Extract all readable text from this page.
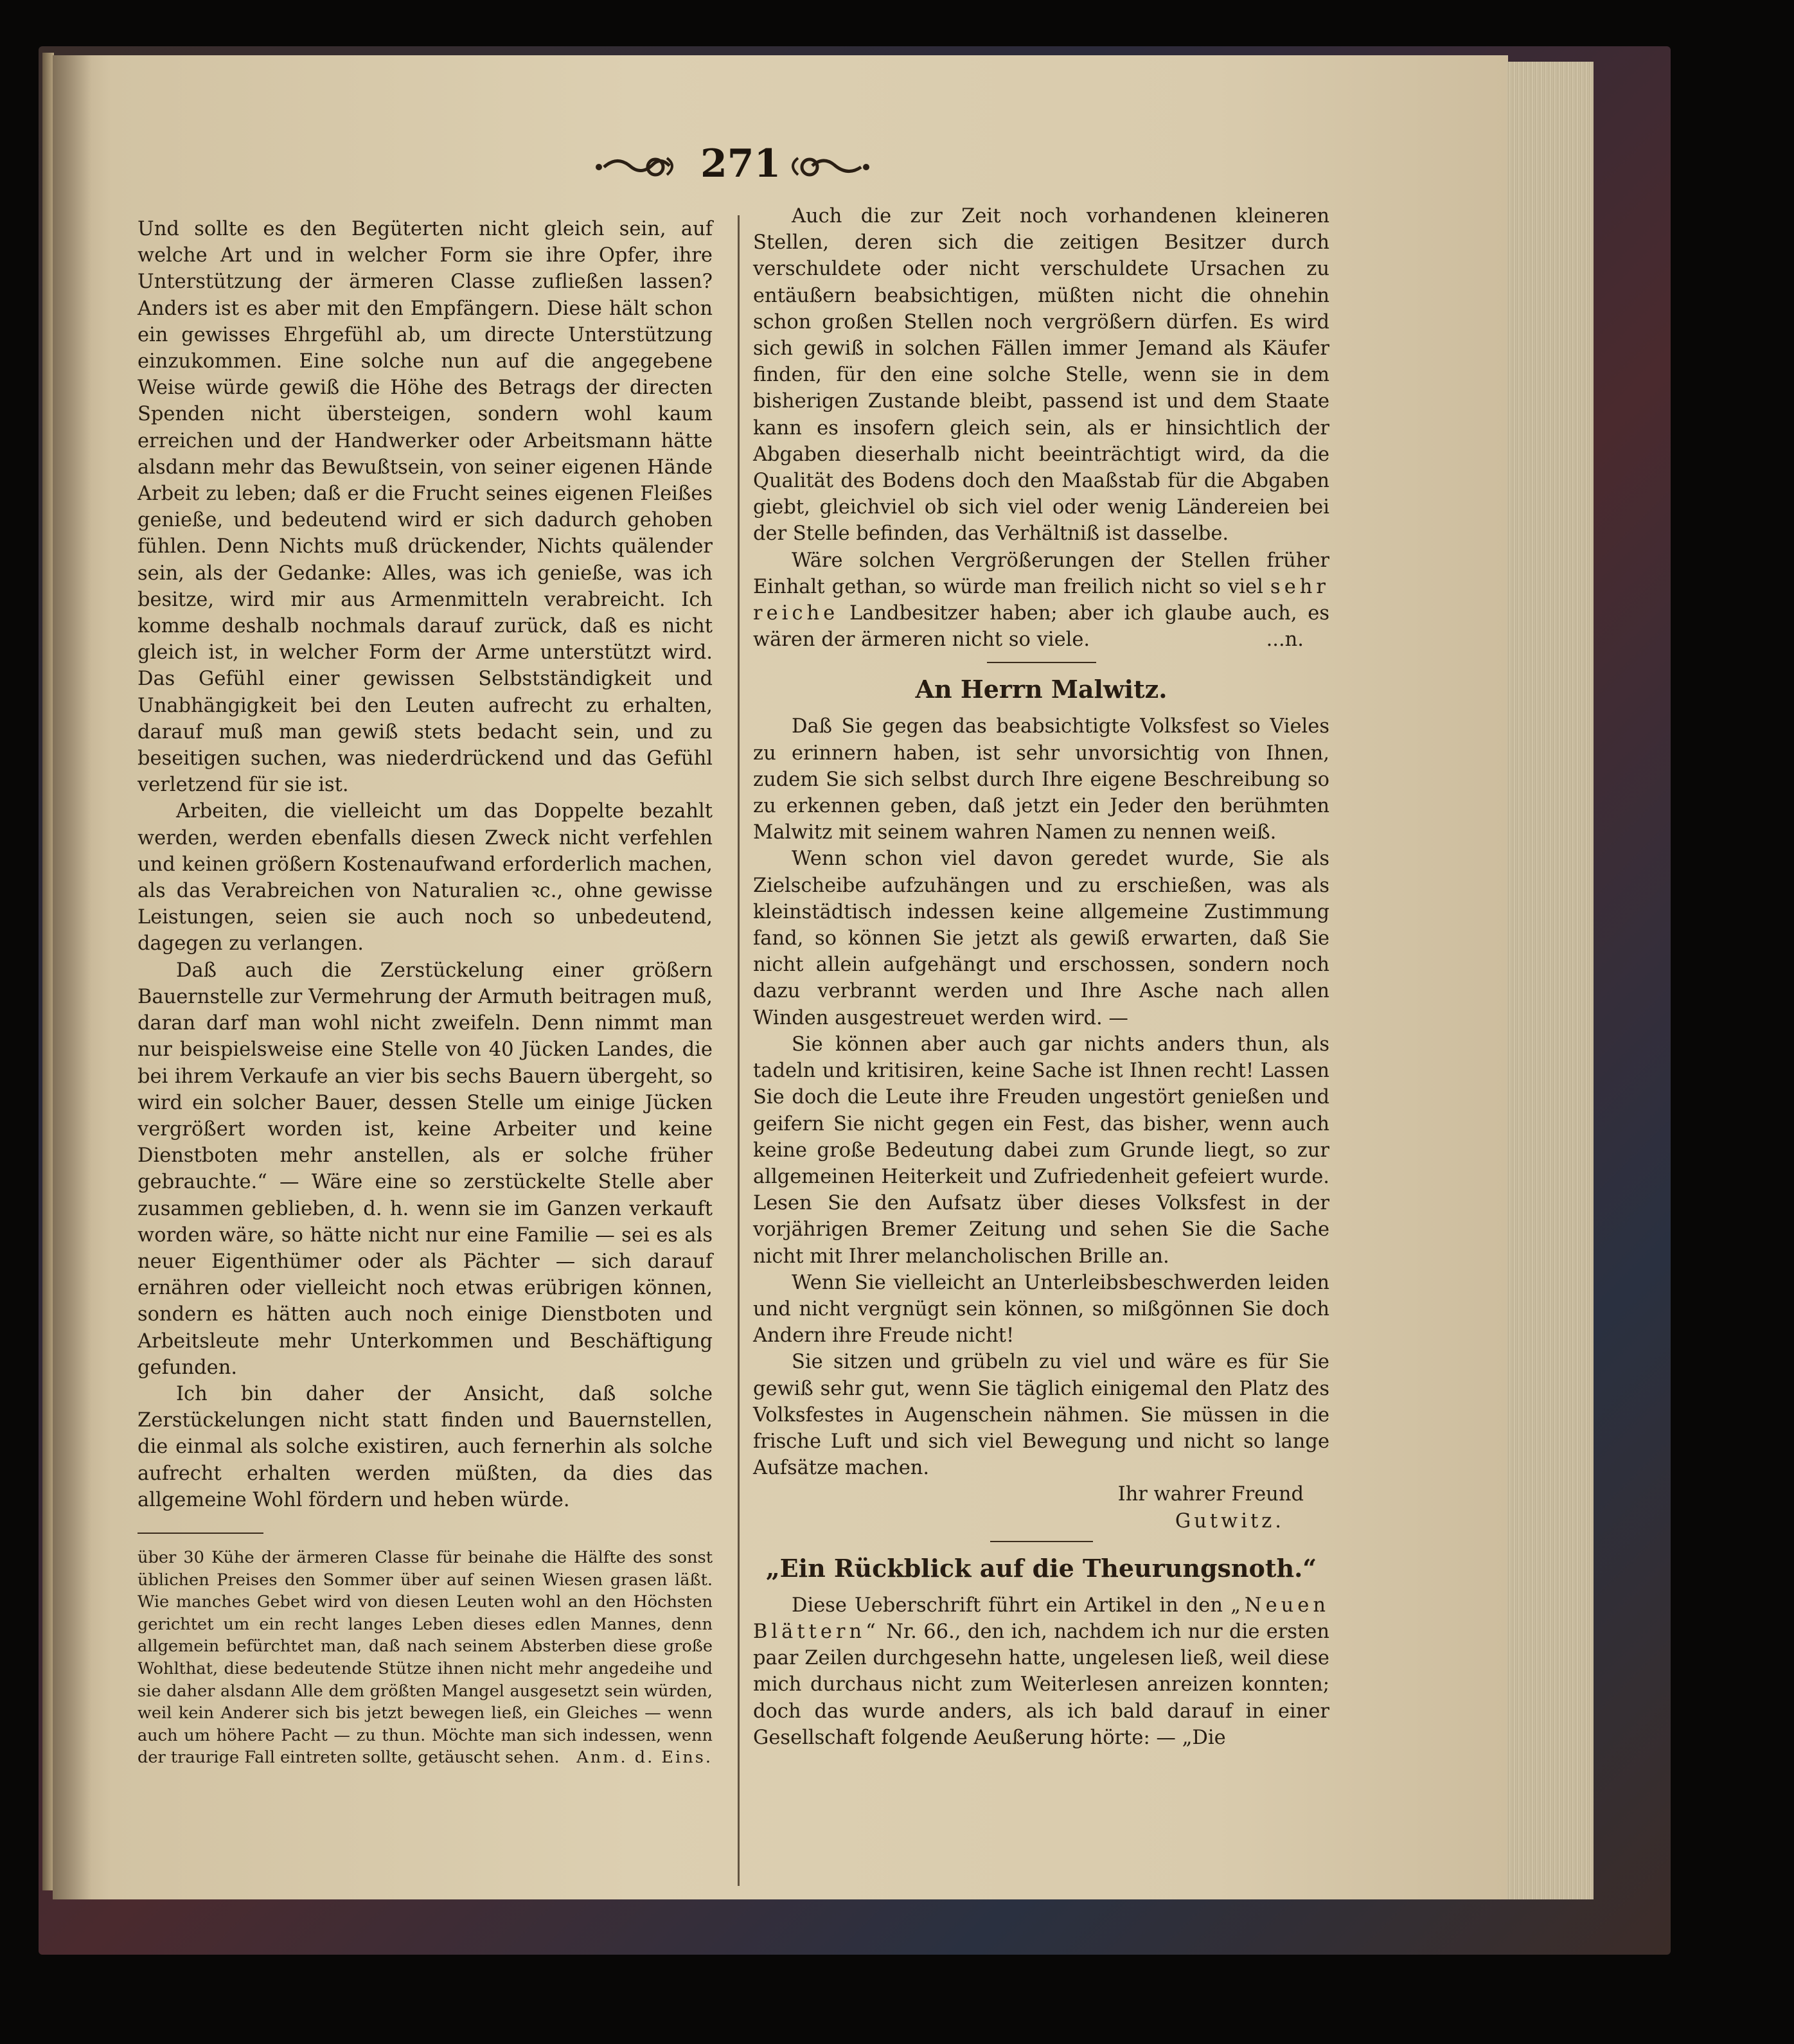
271

Und sollte es den Begüterten nicht gleich sein, auf welche Art und in welcher Form sie ihre Opfer, ihre Unterstützung der ärmeren Classe zufließen lassen? Anders ist es aber mit den Empfängern. Diese hält schon ein gewisses Ehrgefühl ab, um directe Unterstützung einzukommen. Eine solche nun auf die angegebene Weise würde gewiß die Höhe des Betrags der directen Spenden nicht übersteigen, sondern wohl kaum erreichen und der Handwerker oder Arbeitsmann hätte alsdann mehr das Bewußtsein, von seiner eigenen Hände Arbeit zu leben; daß er die Frucht seines eigenen Fleißes genieße, und bedeutend wird er sich dadurch gehoben fühlen. Denn Nichts muß drückender, Nichts quälender sein, als der Gedanke: Alles, was ich genieße, was ich besitze, wird mir aus Armenmitteln verabreicht. Ich komme deshalb nochmals darauf zurück, daß es nicht gleich ist, in welcher Form der Arme unterstützt wird. Das Gefühl einer gewissen Selbstständigkeit und Unabhängigkeit bei den Leuten aufrecht zu erhalten, darauf muß man gewiß stets bedacht sein, und zu beseitigen suchen, was niederdrückend und das Gefühl verletzend für sie ist.

Arbeiten, die vielleicht um das Doppelte bezahlt werden, werden ebenfalls diesen Zweck nicht verfehlen und keinen größern Kostenaufwand erforderlich machen, als das Verabreichen von Naturalien ꝛc., ohne gewisse Leistungen, seien sie auch noch so unbedeutend, dagegen zu verlangen.

Daß auch die Zerstückelung einer größern Bauernstelle zur Vermehrung der Armuth beitragen muß, daran darf man wohl nicht zweifeln. Denn nimmt man nur beispielsweise eine Stelle von 40 Jücken Landes, die bei ihrem Verkaufe an vier bis sechs Bauern übergeht, so wird ein solcher Bauer, dessen Stelle um einige Jücken vergrößert worden ist, keine Arbeiter und keine Dienstboten mehr anstellen, als er solche früher gebrauchte.“ — Wäre eine so zerstückelte Stelle aber zusammen geblieben, d. h. wenn sie im Ganzen verkauft worden wäre, so hätte nicht nur eine Familie — sei es als neuer Eigenthümer oder als Pächter — sich darauf ernähren oder vielleicht noch etwas erübrigen können, sondern es hätten auch noch einige Dienstboten und Arbeitsleute mehr Unterkommen und Beschäftigung gefunden.

Ich bin daher der Ansicht, daß solche Zerstückelungen nicht statt finden und Bauernstellen, die einmal als solche existiren, auch fernerhin als solche aufrecht erhalten werden müßten, da dies das allgemeine Wohl fördern und heben würde.

über 30 Kühe der ärmeren Classe für beinahe die Hälfte des sonst üblichen Preises den Sommer über auf seinen Wiesen grasen läßt. Wie manches Gebet wird von diesen Leuten wohl an den Höchsten gerichtet um ein recht langes Leben dieses edlen Mannes, denn allgemein befürchtet man, daß nach seinem Absterben diese große Wohlthat, diese bedeutende Stütze ihnen nicht mehr angedeihe und sie daher alsdann Alle dem größten Mangel ausgesetzt sein würden, weil kein Anderer sich bis jetzt bewegen ließ, ein Gleiches — wenn auch um höhere Pacht — zu thun. Möchte man sich indessen, wenn der traurige Fall eintreten sollte, getäuscht sehen. Anm. d. Eins.

Auch die zur Zeit noch vorhandenen kleineren Stellen, deren sich die zeitigen Besitzer durch verschuldete oder nicht verschuldete Ursachen zu entäußern beabsichtigen, müßten nicht die ohnehin schon großen Stellen noch vergrößern dürfen. Es wird sich gewiß in solchen Fällen immer Jemand als Käufer finden, für den eine solche Stelle, wenn sie in dem bisherigen Zustande bleibt, passend ist und dem Staate kann es insofern gleich sein, als er hinsichtlich der Abgaben dieserhalb nicht beeinträchtigt wird, da die Qualität des Bodens doch den Maaßstab für die Abgaben giebt, gleichviel ob sich viel oder wenig Ländereien bei der Stelle befinden, das Verhältniß ist dasselbe.

Wäre solchen Vergrößerungen der Stellen früher Einhalt gethan, so würde man freilich nicht so viel sehr reiche Landbesitzer haben; aber ich glaube auch, es wären der ärmeren nicht so viele.	...n.

An Herrn Malwitz.

Daß Sie gegen das beabsichtigte Volksfest so Vieles zu erinnern haben, ist sehr unvorsichtig von Ihnen, zudem Sie sich selbst durch Ihre eigene Beschreibung so zu erkennen geben, daß jetzt ein Jeder den berühmten Malwitz mit seinem wahren Namen zu nennen weiß.

Wenn schon viel davon geredet wurde, Sie als Zielscheibe aufzuhängen und zu erschießen, was als kleinstädtisch indessen keine allgemeine Zustimmung fand, so können Sie jetzt als gewiß erwarten, daß Sie nicht allein aufgehängt und erschossen, sondern noch dazu verbrannt werden und Ihre Asche nach allen Winden ausgestreuet werden wird. —

Sie können aber auch gar nichts anders thun, als tadeln und kritisiren, keine Sache ist Ihnen recht! Lassen Sie doch die Leute ihre Freuden ungestört genießen und geifern Sie nicht gegen ein Fest, das bisher, wenn auch keine große Bedeutung dabei zum Grunde liegt, so zur allgemeinen Heiterkeit und Zufriedenheit gefeiert wurde. Lesen Sie den Aufsatz über dieses Volksfest in der vorjährigen Bremer Zeitung und sehen Sie die Sache nicht mit Ihrer melancholischen Brille an.

Wenn Sie vielleicht an Unterleibsbeschwerden leiden und nicht vergnügt sein können, so mißgönnen Sie doch Andern ihre Freude nicht!

Sie sitzen und grübeln zu viel und wäre es für Sie gewiß sehr gut, wenn Sie täglich einigemal den Platz des Volksfestes in Augenschein nähmen. Sie müssen in die frische Luft und sich viel Bewegung und nicht so lange Aufsätze machen.

Ihr wahrer Freund

Gutwitz.

„Ein Rückblick auf die Theurungsnoth.“

Diese Ueberschrift führt ein Artikel in den „Neuen Blättern“ Nr. 66., den ich, nachdem ich nur die ersten paar Zeilen durchgesehn hatte, ungelesen ließ, weil diese mich durchaus nicht zum Weiterlesen anreizen konnten; doch das wurde anders, als ich bald darauf in einer Gesellschaft folgende Aeußerung hörte: — „Die
